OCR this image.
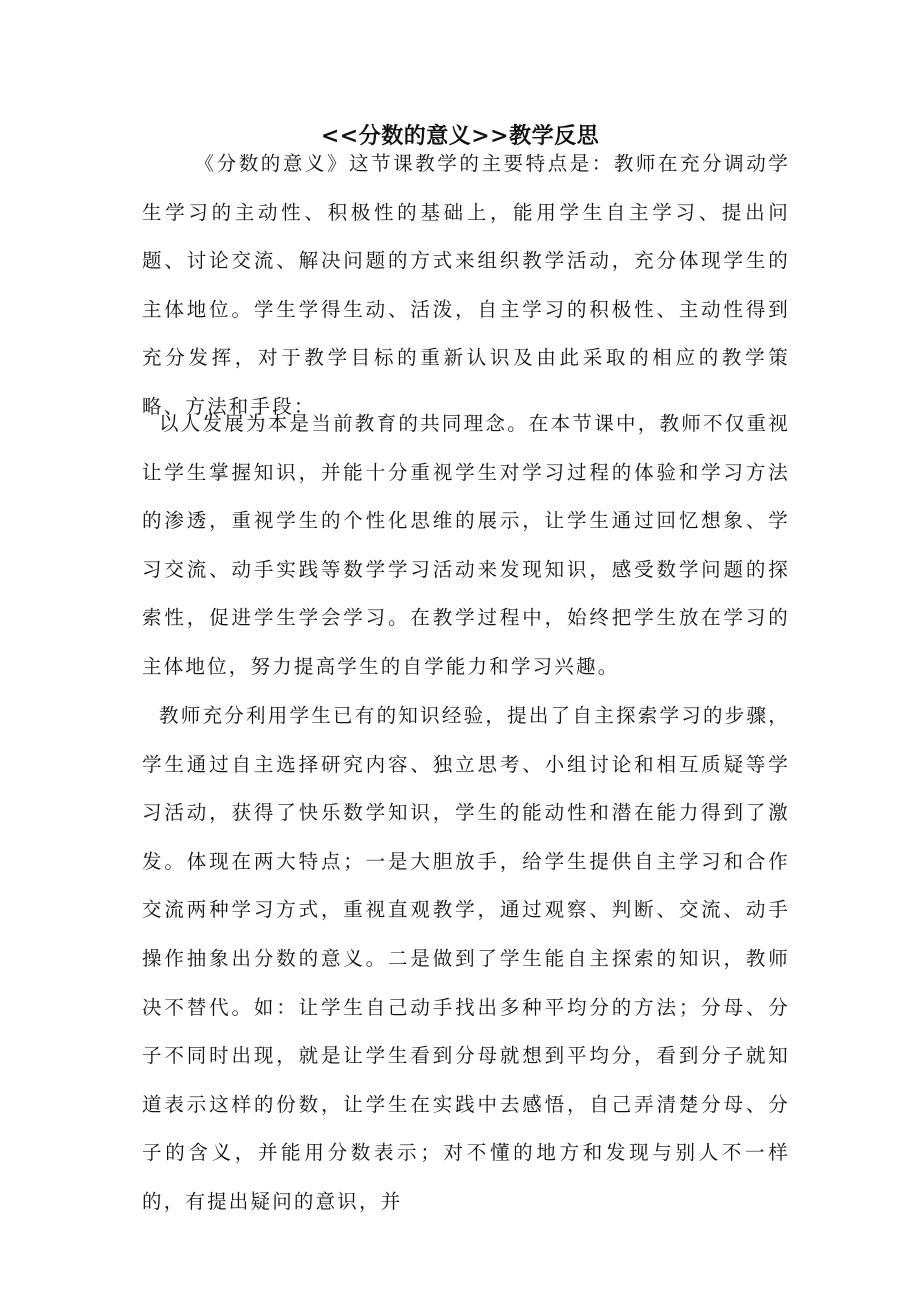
<<分数的意义>>教学反思

《分数的意义》这节课教学的主要特点是：教师在充分调动学生学习的主动性、积极性的基础上，能用学生自主学习、提出问题、讨论交流、解决问题的方式来组织教学活动，充分体现学生的主体地位。学生学得生动、活泼，自主学习的积极性、主动性得到充分发挥，对于教学目标的重新认识及由此采取的相应的教学策略、方法和手段：

以人发展为本是当前教育的共同理念。在本节课中，教师不仅重视让学生掌握知识，并能十分重视学生对学习过程的体验和学习方法的渗透，重视学生的个性化思维的展示，让学生通过回忆想象、学习交流、动手实践等数学学习活动来发现知识，感受数学问题的探索性，促进学生学会学习。在教学过程中，始终把学生放在学习的主体地位，努力提高学生的自学能力和学习兴趣。

教师充分利用学生已有的知识经验，提出了自主探索学习的步骤，学生通过自主选择研究内容、独立思考、小组讨论和相互质疑等学习活动，获得了快乐数学知识，学生的能动性和潜在能力得到了激发。体现在两大特点；一是大胆放手，给学生提供自主学习和合作交流两种学习方式，重视直观教学，通过观察、判断、交流、动手操作抽象出分数的意义。二是做到了学生能自主探索的知识，教师决不替代。如：让学生自己动手找出多种平均分的方法；分母、分子不同时出现，就是让学生看到分母就想到平均分，看到分子就知道表示这样的份数，让学生在实践中去感悟，自己弄清楚分母、分子的含义，并能用分数表示；对不懂的地方和发现与别人不一样的，有提出疑问的意识，并
